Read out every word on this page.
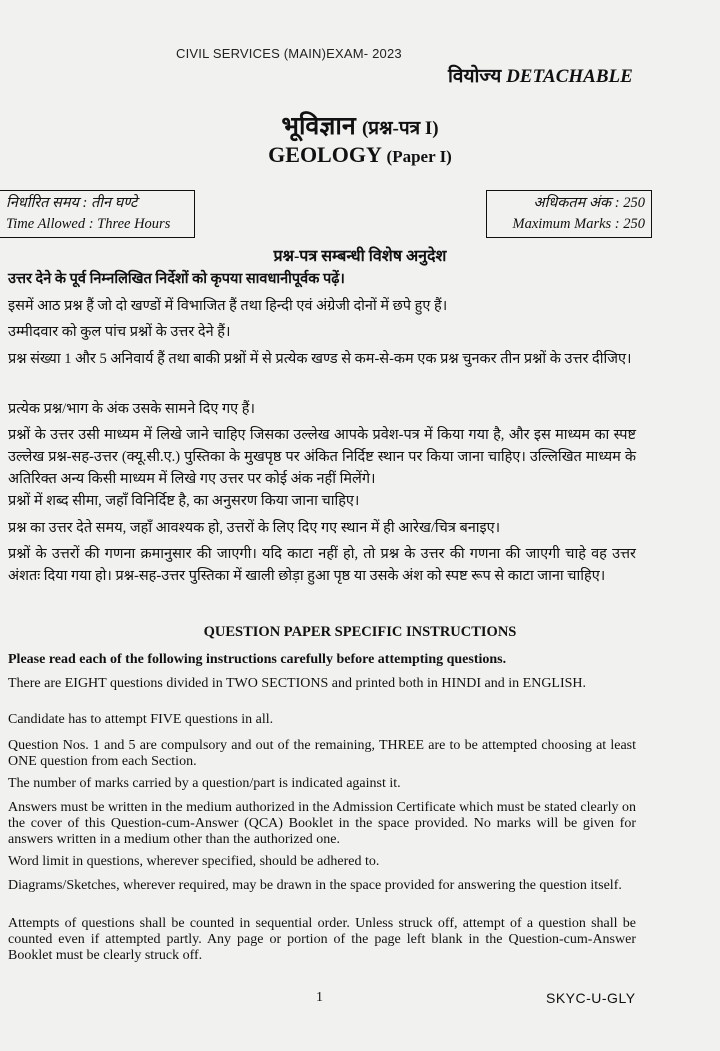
CIVIL SERVICES (MAIN)EXAM- 2023
वियोज्य DETACHABLE
भूविज्ञान (प्रश्न-पत्र I)
GEOLOGY (Paper I)
निर्धारित समय : तीन घण्टे
Time Allowed : Three Hours
अधिकतम अंक : 250
Maximum Marks : 250
प्रश्न-पत्र सम्बन्धी विशेष अनुदेश
उत्तर देने के पूर्व निम्नलिखित निर्देशों को कृपया सावधानीपूर्वक पढ़ें।
इसमें आठ प्रश्न हैं जो दो खण्डों में विभाजित हैं तथा हिन्दी एवं अंग्रेजी दोनों में छपे हुए हैं।
उम्मीदवार को कुल पांच प्रश्नों के उत्तर देने हैं।
प्रश्न संख्या 1 और 5 अनिवार्य हैं तथा बाकी प्रश्नों में से प्रत्येक खण्ड से कम-से-कम एक प्रश्न चुनकर तीन प्रश्नों के उत्तर दीजिए।
प्रत्येक प्रश्न/भाग के अंक उसके सामने दिए गए हैं।
प्रश्नों के उत्तर उसी माध्यम में लिखे जाने चाहिए जिसका उल्लेख आपके प्रवेश-पत्र में किया गया है, और इस माध्यम का स्पष्ट उल्लेख प्रश्न-सह-उत्तर (क्यू.सी.ए.) पुस्तिका के मुखपृष्ठ पर अंकित निर्दिष्ट स्थान पर किया जाना चाहिए। उल्लिखित माध्यम के अतिरिक्त अन्य किसी माध्यम में लिखे गए उत्तर पर कोई अंक नहीं मिलेंगे।
प्रश्नों में शब्द सीमा, जहाँ विनिर्दिष्ट है, का अनुसरण किया जाना चाहिए।
प्रश्न का उत्तर देते समय, जहाँ आवश्यक हो, उत्तरों के लिए दिए गए स्थान में ही आरेख/चित्र बनाइए।
प्रश्नों के उत्तरों की गणना क्रमानुसार की जाएगी। यदि काटा नहीं हो, तो प्रश्न के उत्तर की गणना की जाएगी चाहे वह उत्तर अंशतः दिया गया हो। प्रश्न-सह-उत्तर पुस्तिका में खाली छोड़ा हुआ पृष्ठ या उसके अंश को स्पष्ट रूप से काटा जाना चाहिए।
QUESTION PAPER SPECIFIC INSTRUCTIONS
Please read each of the following instructions carefully before attempting questions.
There are EIGHT questions divided in TWO SECTIONS and printed both in HINDI and in ENGLISH.
Candidate has to attempt FIVE questions in all.
Question Nos. 1 and 5 are compulsory and out of the remaining, THREE are to be attempted choosing at least ONE question from each Section.
The number of marks carried by a question/part is indicated against it.
Answers must be written in the medium authorized in the Admission Certificate which must be stated clearly on the cover of this Question-cum-Answer (QCA) Booklet in the space provided. No marks will be given for answers written in a medium other than the authorized one.
Word limit in questions, wherever specified, should be adhered to.
Diagrams/Sketches, wherever required, may be drawn in the space provided for answering the question itself.
Attempts of questions shall be counted in sequential order. Unless struck off, attempt of a question shall be counted even if attempted partly. Any page or portion of the page left blank in the Question-cum-Answer Booklet must be clearly struck off.
1	SKYC-U-GLY
